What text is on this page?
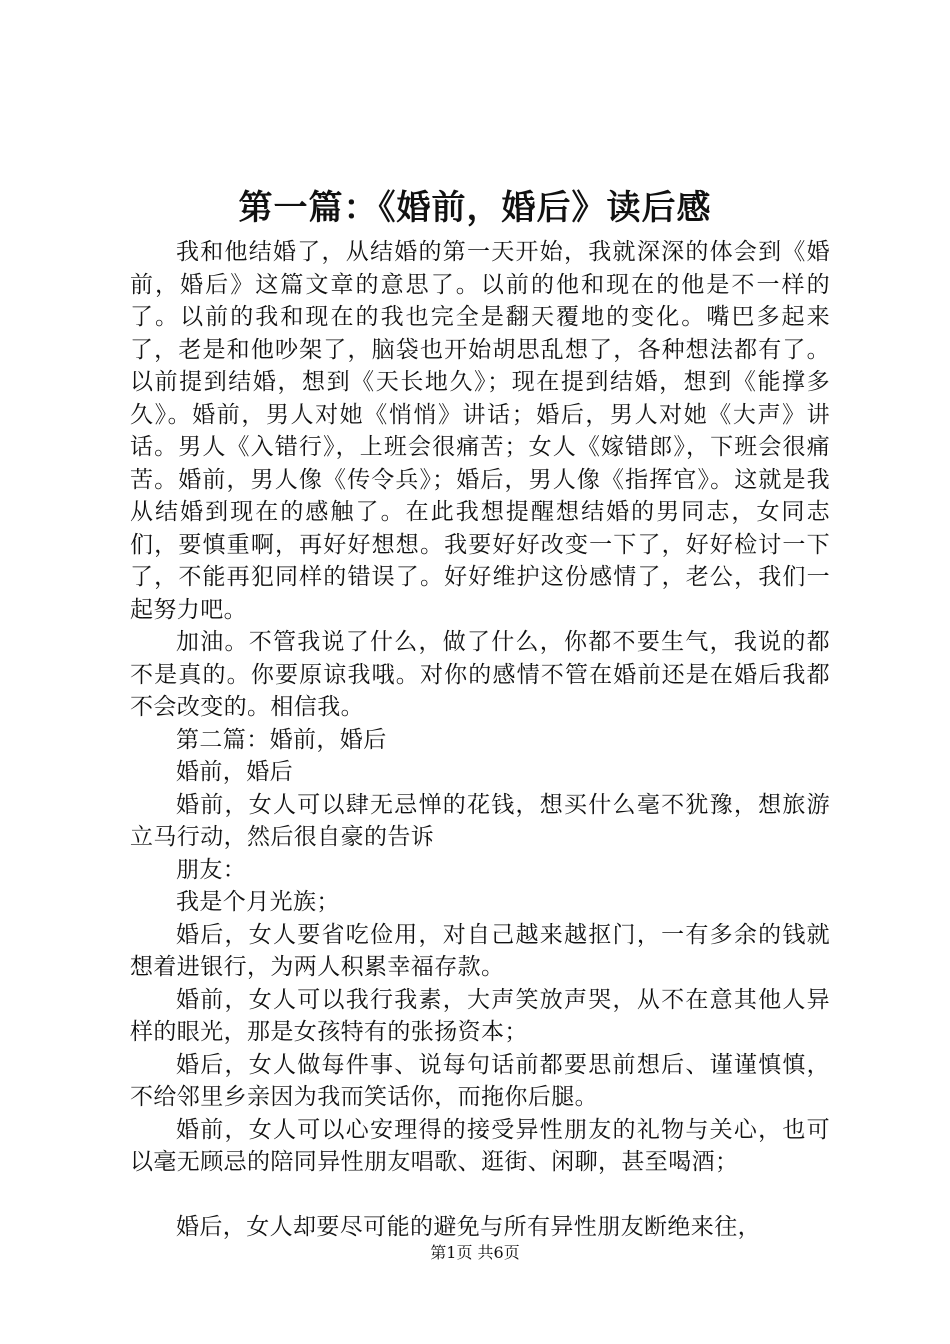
第一篇：《婚前，婚后》读后感

我和他结婚了，从结婚的第一天开始，我就深深的体会到《婚前，婚后》这篇文章的意思了。以前的他和现在的他是不一样的了。以前的我和现在的我也完全是翻天覆地的变化。嘴巴多起来了，老是和他吵架了，脑袋也开始胡思乱想了，各种想法都有了。以前提到结婚，想到《天长地久》；现在提到结婚，想到《能撑多久》。婚前，男人对她《悄悄》讲话；婚后，男人对她《大声》讲话。男人《入错行》，上班会很痛苦；女人《嫁错郎》，下班会很痛苦。婚前，男人像《传令兵》；婚后，男人像《指挥官》。这就是我从结婚到现在的感触了。在此我想提醒想结婚的男同志，女同志们，要慎重啊，再好好想想。我要好好改变一下了，好好检讨一下了，不能再犯同样的错误了。好好维护这份感情了，老公，我们一起努力吧。

加油。不管我说了什么，做了什么，你都不要生气，我说的都不是真的。你要原谅我哦。对你的感情不管在婚前还是在婚后我都不会改变的。相信我。

第二篇：婚前，婚后

婚前，婚后

婚前，女人可以肆无忌惮的花钱，想买什么毫不犹豫，想旅游立马行动，然后很自豪的告诉

朋友：

我是个月光族；

婚后，女人要省吃俭用，对自己越来越抠门，一有多余的钱就想着进银行，为两人积累幸福存款。

婚前，女人可以我行我素，大声笑放声哭，从不在意其他人异样的眼光，那是女孩特有的张扬资本；

婚后，女人做每件事、说每句话前都要思前想后、谨谨慎慎，不给邻里乡亲因为我而笑话你，而拖你后腿。

婚前，女人可以心安理得的接受异性朋友的礼物与关心，也可以毫无顾忌的陪同异性朋友唱歌、逛街、闲聊，甚至喝酒；

婚后，女人却要尽可能的避免与所有异性朋友断绝来往，

第1页 共6页
